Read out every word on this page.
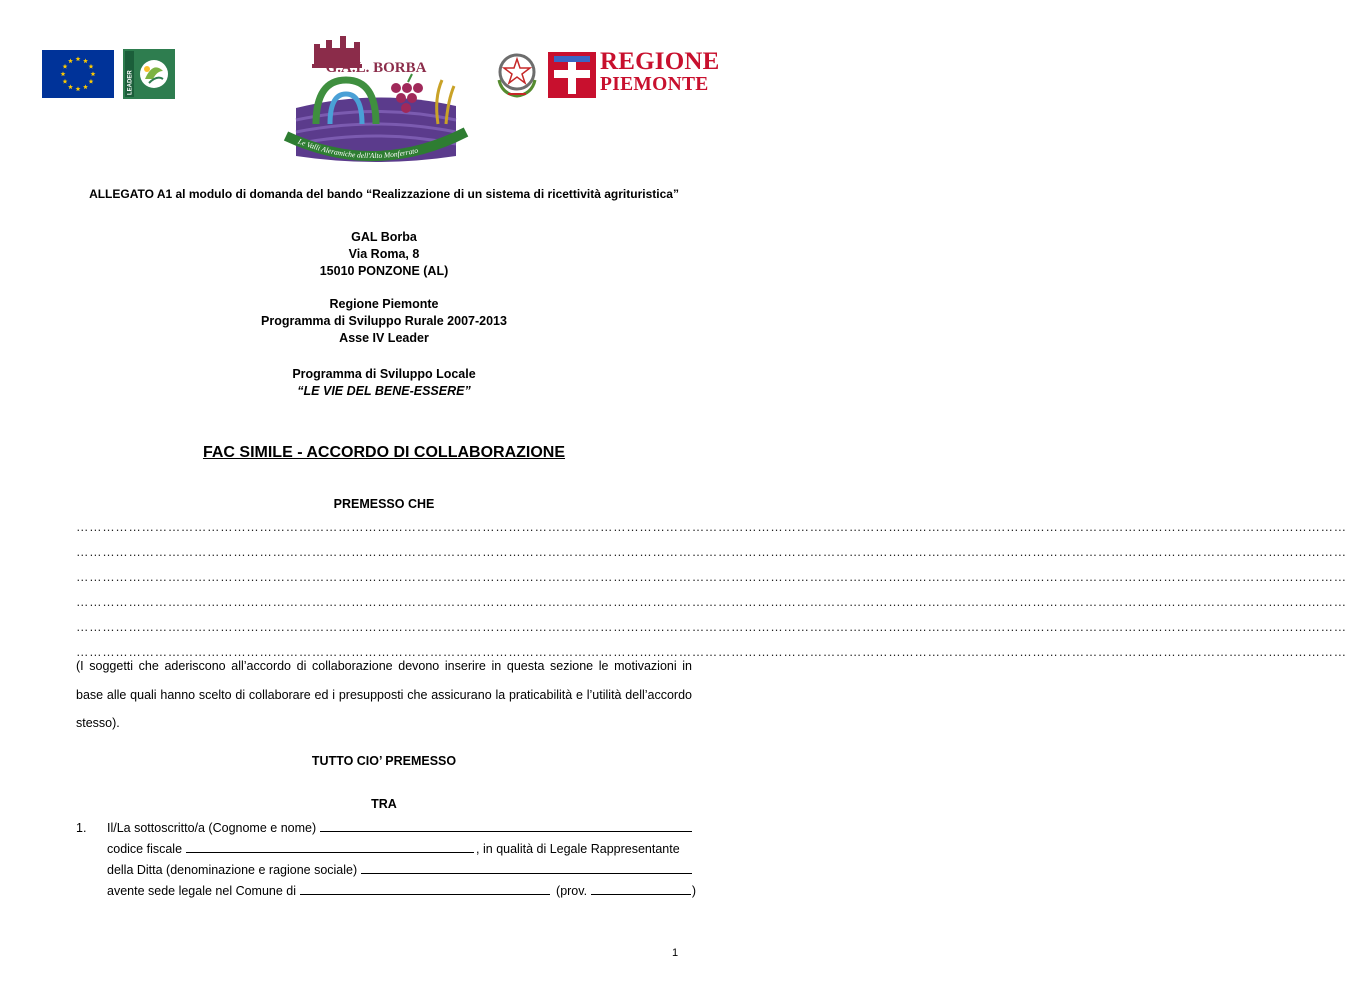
LEADER
G.A.L. BORBA
Le Valli Aleramiche dell'Alto Monferrato
REGIONE
PIEMONTE
ALLEGATO A1 al modulo di domanda del bando “Realizzazione di un sistema di ricettività agrituristica”
GAL Borba
Via Roma, 8
15010 PONZONE (AL)
Regione Piemonte
Programma di Sviluppo Rurale 2007-2013
Asse IV Leader
Programma di Sviluppo Locale
“LE VIE DEL BENE-ESSERE”
FAC SIMILE - ACCORDO DI COLLABORAZIONE
PREMESSO CHE
…………………………………………………………………………………………………………………………………………………………………………………………………………………………………………………………………
…………………………………………………………………………………………………………………………………………………………………………………………………………………………………………………………………
…………………………………………………………………………………………………………………………………………………………………………………………………………………………………………………………………
…………………………………………………………………………………………………………………………………………………………………………………………………………………………………………………………………
…………………………………………………………………………………………………………………………………………………………………………………………………………………………………………………………………
…………………………………………………………………………………………………………………………………………………………………………………………………………………………………………………………………
(I soggetti che aderiscono all’accordo di collaborazione devono inserire in questa sezione le motivazioni in base alle quali hanno scelto di collaborare ed i presupposti che assicurano la praticabilità e l’utilità dell’accordo stesso).
TUTTO CIO’ PREMESSO
TRA
1. Il/La sottoscritto/a (Cognome e nome)
codice fiscale	, in qualità di Legale Rappresentante
della Ditta (denominazione e ragione sociale)
avente sede legale nel Comune di	(prov.	)
1
